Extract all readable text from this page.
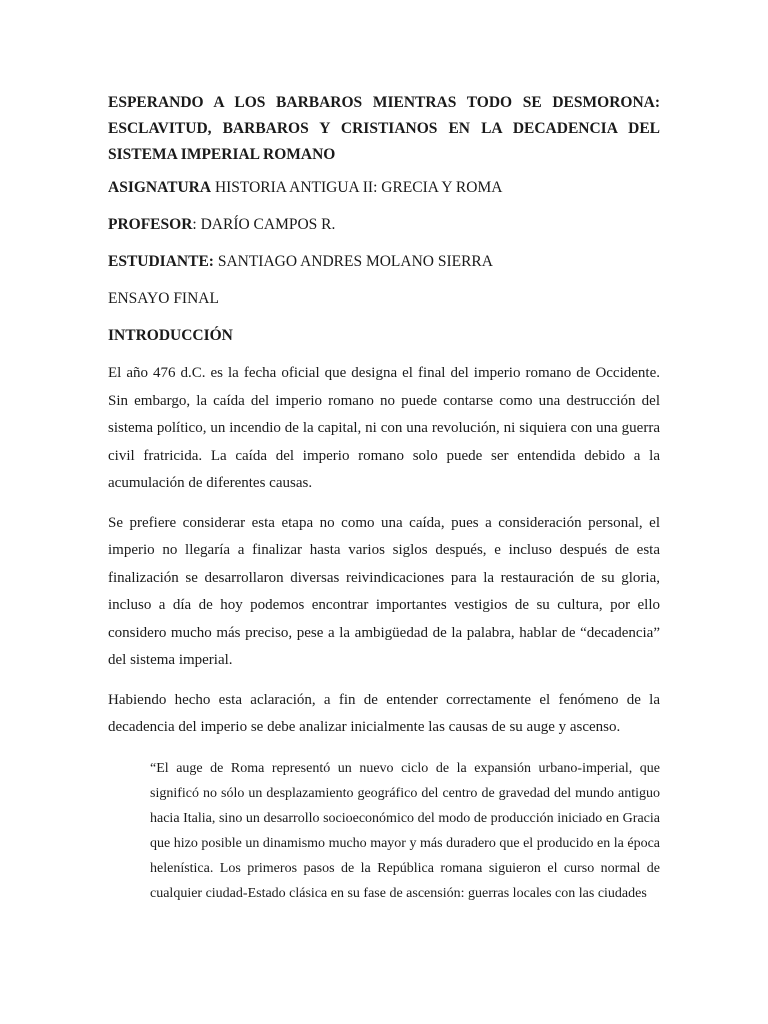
ESPERANDO A LOS BARBAROS MIENTRAS TODO SE DESMORONA: ESCLAVITUD, BARBAROS Y CRISTIANOS EN LA DECADENCIA DEL SISTEMA IMPERIAL ROMANO

ASIGNATURA HISTORIA ANTIGUA II: GRECIA Y ROMA

PROFESOR: DARÍO CAMPOS R.

ESTUDIANTE: SANTIAGO ANDRES MOLANO SIERRA

ENSAYO FINAL

INTRODUCCIÓN

El año 476 d.C. es la fecha oficial que designa el final del imperio romano de Occidente. Sin embargo, la caída del imperio romano no puede contarse como una destrucción del sistema político, un incendio de la capital, ni con una revolución, ni siquiera con una guerra civil fratricida. La caída del imperio romano solo puede ser entendida debido a la acumulación de diferentes causas.

Se prefiere considerar esta etapa no como una caída, pues a consideración personal, el imperio no llegaría a finalizar hasta varios siglos después, e incluso después de esta finalización se desarrollaron diversas reivindicaciones para la restauración de su gloria, incluso a día de hoy podemos encontrar importantes vestigios de su cultura, por ello considero mucho más preciso, pese a la ambigüedad de la palabra, hablar de “decadencia” del sistema imperial.

Habiendo hecho esta aclaración, a fin de entender correctamente el fenómeno de la decadencia del imperio se debe analizar inicialmente las causas de su auge y ascenso.

“El auge de Roma representó un nuevo ciclo de la expansión urbano-imperial, que significó no sólo un desplazamiento geográfico del centro de gravedad del mundo antiguo hacia Italia, sino un desarrollo socioeconómico del modo de producción iniciado en Gracia que hizo posible un dinamismo mucho mayor y más duradero que el producido en la época helenística. Los primeros pasos de la República romana siguieron el curso normal de cualquier ciudad-Estado clásica en su fase de ascensión: guerras locales con las ciudades
